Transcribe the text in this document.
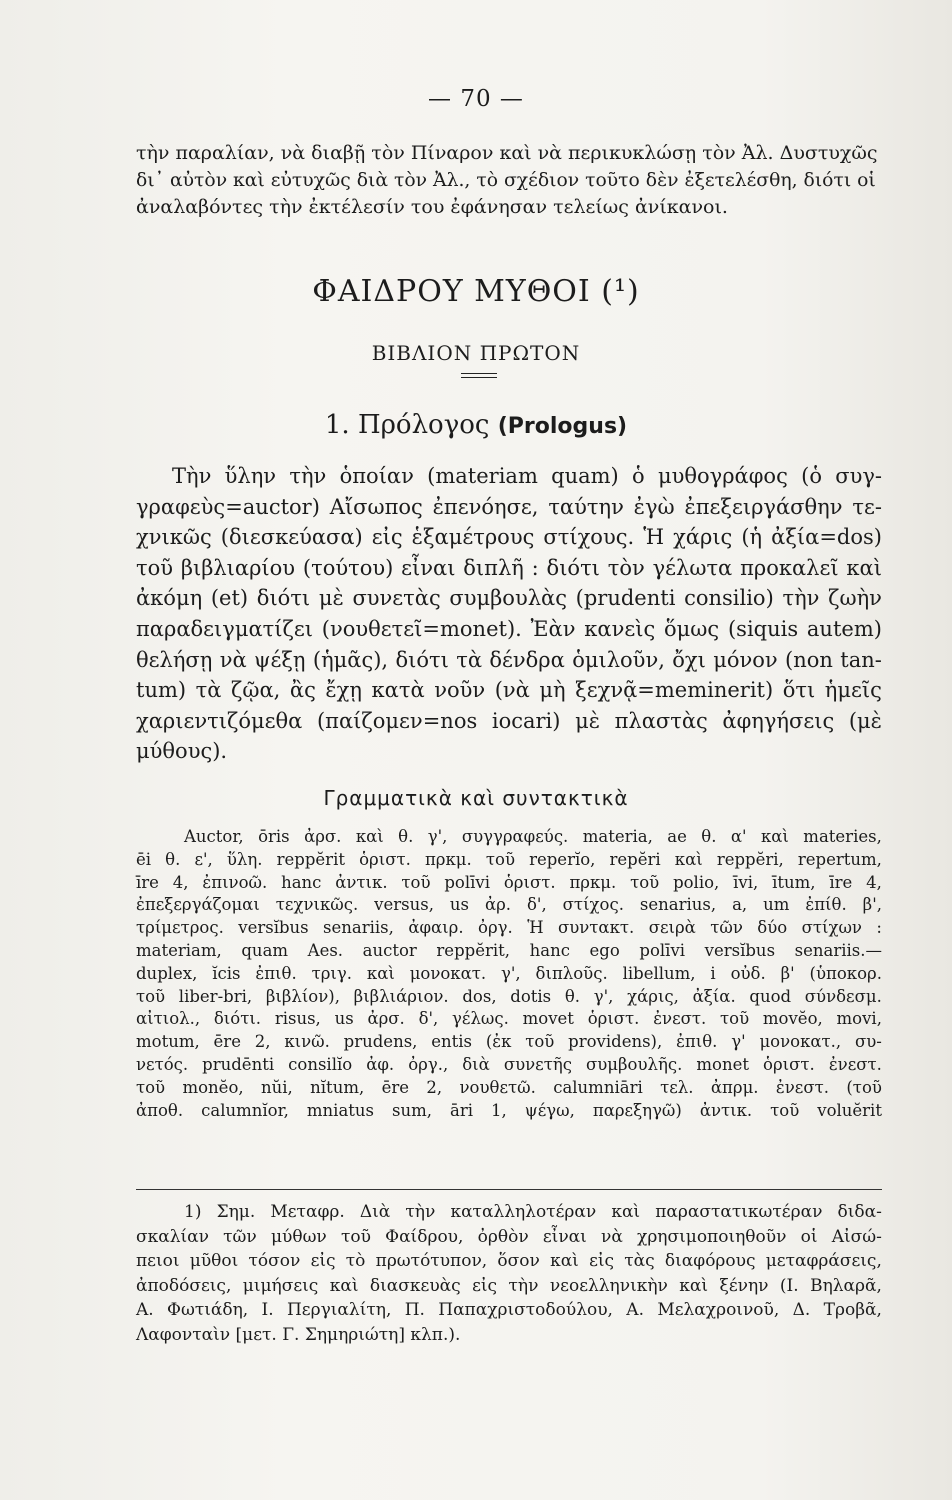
— 70 —
τὴν παραλίαν, νὰ διαβῇ τὸν Πίναρον καὶ νὰ περικυκλώσῃ τὸν Ἀλ. Δυστυχῶς
δι᾿ αὐτὸν καὶ εὐτυχῶς διὰ τὸν Ἀλ., τὸ σχέδιον τοῦτο δὲν ἐξετελέσθη, διότι οἱ
ἀναλαβόντες τὴν ἐκτέλεσίν του ἐφάνησαν τελείως ἀνίκανοι.
ΦΑΙΔΡΟΥ ΜΥΘΟΙ (¹)
ΒΙΒΛΙΟΝ ΠΡΩΤΟΝ
1. Πρόλογος (Prologus)
Τὴν ὕλην τὴν ὁποίαν (materiam quam) ὁ μυθογράφος (ὁ συγ-
γραφεὺς=auctor) Αἴσωπος ἐπενόησε, ταύτην ἐγὼ ἐπεξειργάσθην τε-
χνικῶς (διεσκεύασα) εἰς ἑξαμέτρους στίχους. Ἡ χάρις (ἡ ἀξία=dos)
τοῦ βιβλιαρίου (τούτου) εἶναι διπλῆ : διότι τὸν γέλωτα προκαλεῖ καὶ
ἀκόμη (et) διότι μὲ συνετὰς συμβουλὰς (prudenti consilio) τὴν ζωὴν
παραδειγματίζει (νουθετεῖ=monet). Ἐὰν κανεὶς ὅμως (siquis autem)
θελήσῃ νὰ ψέξῃ (ἡμᾶς), διότι τὰ δένδρα ὁμιλοῦν, ὄχι μόνον (non tan-
tum) τὰ ζῷα, ἂς ἔχῃ κατὰ νοῦν (νὰ μὴ ξεχνᾷ=meminerit) ὅτι ἡμεῖς
χαριεντιζόμεθα (παίζομεν=nos iocari) μὲ πλαστὰς ἀφηγήσεις (μὲ
μύθους).
Γραμματικὰ καὶ συντακτικὰ
Auctor, ōris ἀρσ. καὶ θ. γ', συγγραφεύς. materia, ae θ. α' καὶ materies,
ēi θ. ε', ὕλη. reppĕrit ὁριστ. πρκμ. τοῦ reperĭo, repĕri καὶ reppĕri, repertum,
īre 4, ἐπινοῶ. hanc ἀντικ. τοῦ polīvi ὁριστ. πρκμ. τοῦ polio, īvi, ītum, īre 4,
ἐπεξεργάζομαι τεχνικῶς. versus, us ἀρ. δ', στίχος. senarius, a, um ἐπίθ. β',
τρίμετρος. versĭbus senariis, ἀφαιρ. ὀργ. Ἡ συντακτ. σειρὰ τῶν δύο στίχων :
materiam, quam Aes. auctor reppĕrit, hanc ego polīvi versĭbus senariis.—
duplex, ĭcis ἐπιθ. τριγ. καὶ μονοκατ. γ', διπλοῦς. libellum, i οὐδ. β' (ὑποκορ.
τοῦ liber-bri, βιβλίον), βιβλιάριον. dos, dotis θ. γ', χάρις, ἀξία. quod σύνδεσμ.
αἰτιολ., διότι. risus, us ἀρσ. δ', γέλως. movet ὁριστ. ἐνεστ. τοῦ movĕo, movi,
motum, ēre 2, κινῶ. prudens, entis (ἐκ τοῦ providens), ἐπιθ. γ' μονοκατ., συ-
νετός. prudēnti consilĭo ἀφ. ὀργ., διὰ συνετῆς συμβουλῆς. monet ὁριστ. ἐνεστ.
τοῦ monĕo, nŭi, nĭtum, ēre 2, νουθετῶ. calumniāri τελ. ἀπρμ. ἐνεστ. (τοῦ
ἀποθ. calumnĭor, mniatus sum, āri 1, ψέγω, παρεξηγῶ) ἀντικ. τοῦ voluĕrit
1) Σημ. Μεταφρ. Διὰ τὴν καταλληλοτέραν καὶ παραστατικωτέραν διδα-
σκαλίαν τῶν μύθων τοῦ Φαίδρου, ὀρθὸν εἶναι νὰ χρησιμοποιηθοῦν οἱ Αἰσώ-
πειοι μῦθοι τόσον εἰς τὸ πρωτότυπον, ὅσον καὶ εἰς τὰς διαφόρους μεταφράσεις,
ἀποδόσεις, μιμήσεις καὶ διασκευὰς εἰς τὴν νεοελληνικὴν καὶ ξένην (Ι. Βηλαρᾶ,
Α. Φωτιάδη, Ι. Περγιαλίτη, Π. Παπαχριστοδούλου, Α. Μελαχροινοῦ, Δ. Τροβᾶ,
Λαφονταὶν [μετ. Γ. Σημηριώτη] κλπ.).
